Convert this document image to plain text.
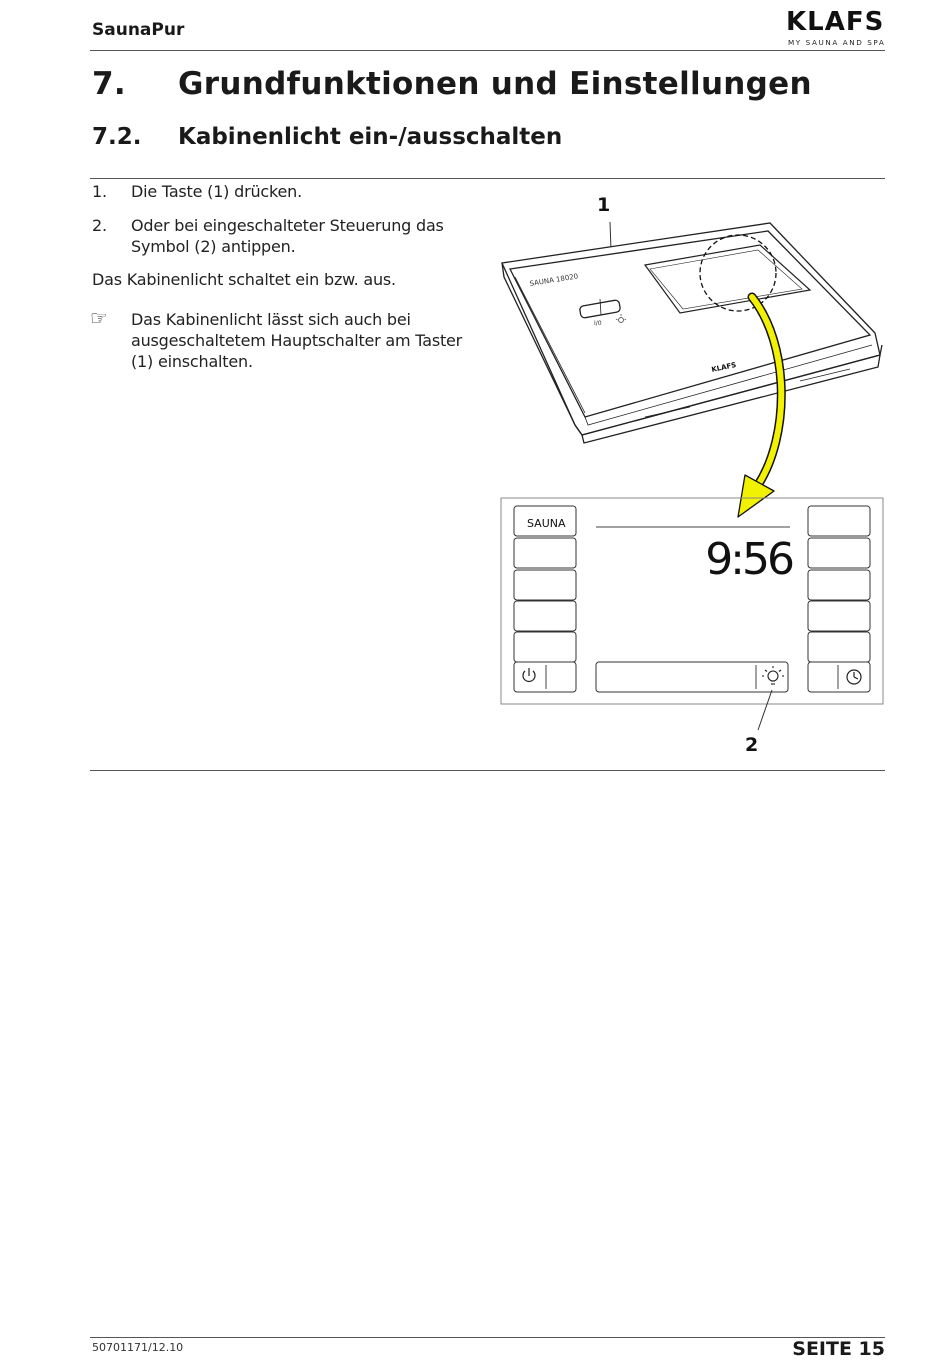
SaunaPur	KLAFS
MY SAUNA AND SPA
7. Grundfunktionen und Einstellungen
7.2. Kabinenlicht ein-/ausschalten
1. Die Taste (1) drücken.
2. Oder bei eingeschalteter Steuerung das Symbol (2) antippen.
Das Kabinenlicht schaltet ein bzw. aus.
☞ Das Kabinenlicht lässt sich auch bei ausgeschaltetem Hauptschalter am Taster (1) einschalten.
1
SAUNA 18020
I/0
KLAFS
SAUNA
9:56
2
50701171/12.10	SEITE 15
